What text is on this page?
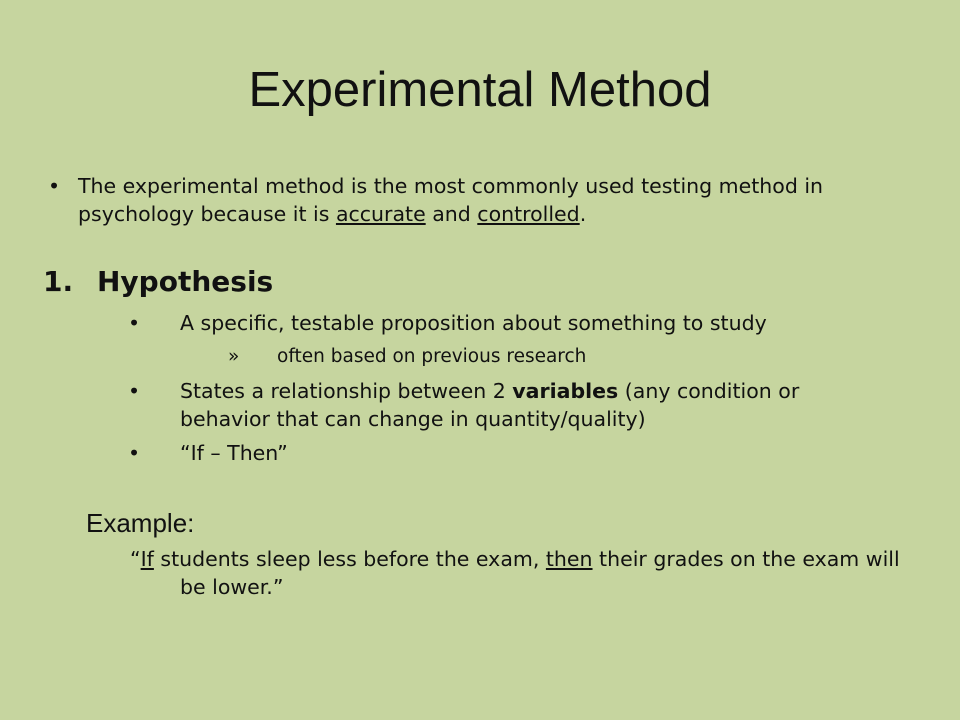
Experimental Method
• The experimental method is the most commonly used testing method in psychology because it is accurate and controlled.
1. Hypothesis
•	A specific, testable proposition about something to study
»	often based on previous research
•	States a relationship between 2 variables (any condition or behavior that can change in quantity/quality)
•	“If – Then”
Example:
“If students sleep less before the exam, then their grades on the exam will be lower.”
